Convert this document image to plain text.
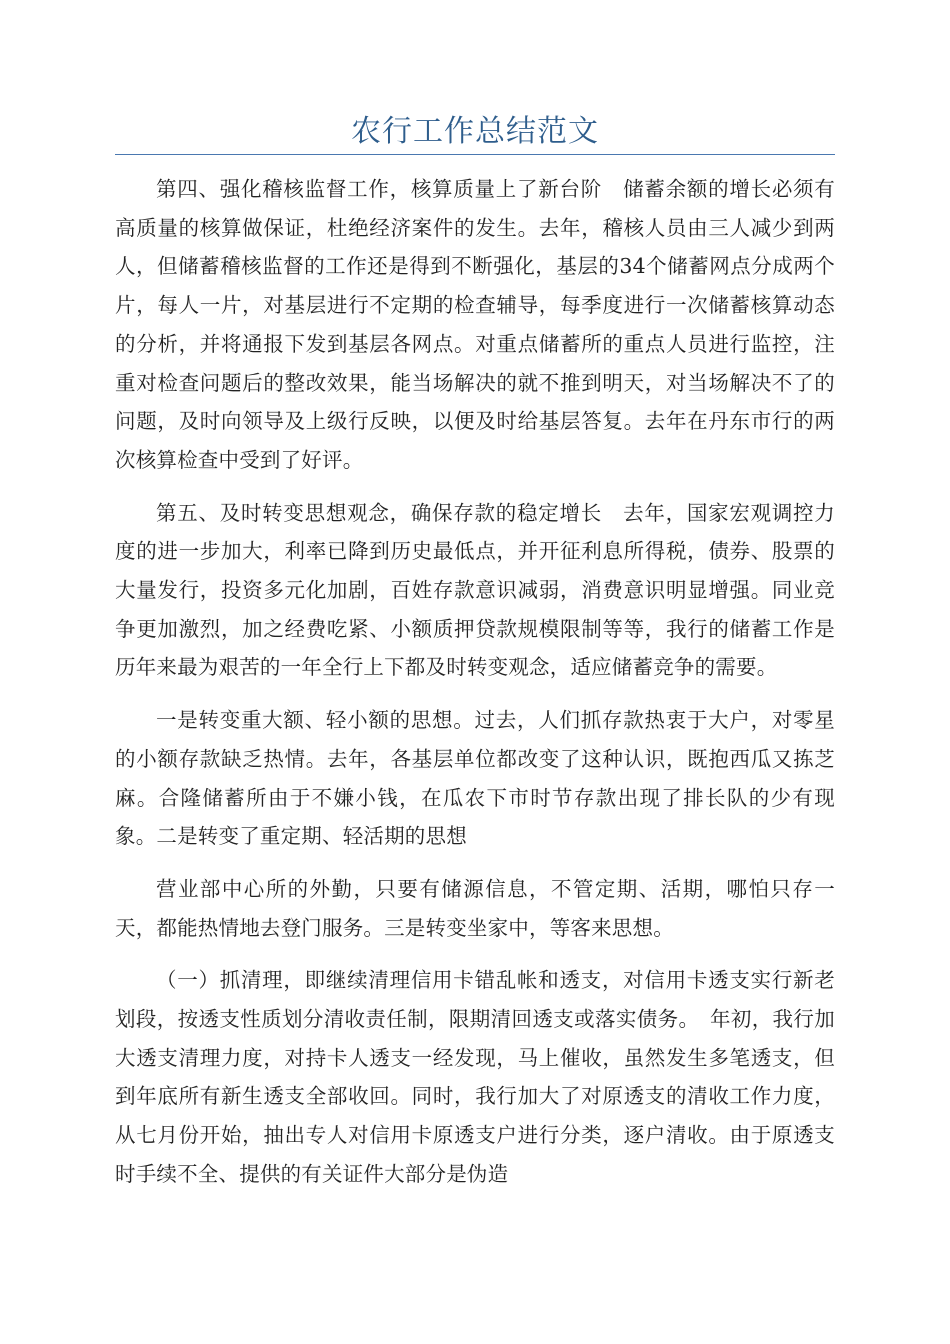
农行工作总结范文

第四、强化稽核监督工作，核算质量上了新台阶　储蓄余额的增长必须有高质量的核算做保证，杜绝经济案件的发生。去年，稽核人员由三人减少到两人，但储蓄稽核监督的工作还是得到不断强化，基层的34个储蓄网点分成两个片，每人一片，对基层进行不定期的检查辅导，每季度进行一次储蓄核算动态的分析，并将通报下发到基层各网点。对重点储蓄所的重点人员进行监控，注重对检查问题后的整改效果，能当场解决的就不推到明天，对当场解决不了的问题，及时向领导及上级行反映，以便及时给基层答复。去年在丹东市行的两次核算检查中受到了好评。

第五、及时转变思想观念，确保存款的稳定增长　去年，国家宏观调控力度的进一步加大，利率已降到历史最低点，并开征利息所得税，债券、股票的大量发行，投资多元化加剧，百姓存款意识减弱，消费意识明显增强。同业竞争更加激烈，加之经费吃紧、小额质押贷款规模限制等等，我行的储蓄工作是历年来最为艰苦的一年全行上下都及时转变观念，适应储蓄竞争的需要。

一是转变重大额、轻小额的思想。过去，人们抓存款热衷于大户，对零星的小额存款缺乏热情。去年，各基层单位都改变了这种认识，既抱西瓜又拣芝麻。合隆储蓄所由于不嫌小钱，在瓜农下市时节存款出现了排长队的少有现象。二是转变了重定期、轻活期的思想

营业部中心所的外勤，只要有储源信息，不管定期、活期，哪怕只存一天，都能热情地去登门服务。三是转变坐家中，等客来思想。

（一）抓清理，即继续清理信用卡错乱帐和透支，对信用卡透支实行新老划段，按透支性质划分清收责任制，限期清回透支或落实债务。　年初，我行加大透支清理力度，对持卡人透支一经发现，马上催收，虽然发生多笔透支，但到年底所有新生透支全部收回。同时，我行加大了对原透支的清收工作力度，从七月份开始，抽出专人对信用卡原透支户进行分类，逐户清收。由于原透支时手续不全、提供的有关证件大部分是伪造
